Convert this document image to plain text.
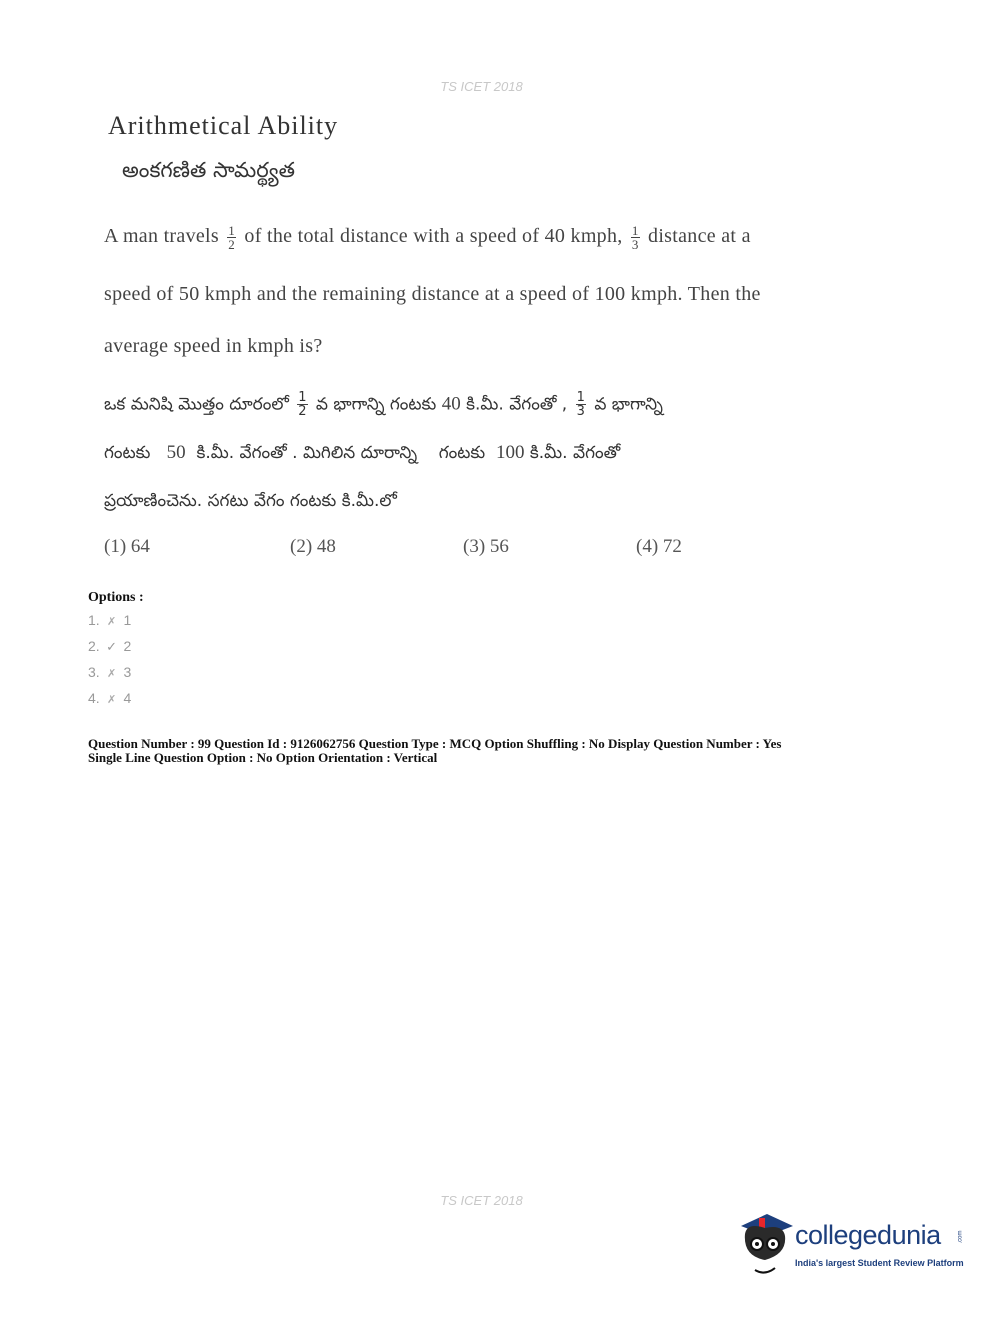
TS ICET 2018
Arithmetical Ability
అంకగణిత సామర్థ్యత
A man travels $\frac{1}{2}$ of the total distance with a speed of 40 kmph, $\frac{1}{3}$ distance at a
speed of 50 kmph and the remaining distance at a speed of 100 kmph. Then the
average speed in kmph is?
ఒక మనిషి మొత్తం దూరంలో $\frac{1}{2}$ వ భాగాన్ని గంటకు 40 కి.మీ. వేగంతో , $\frac{1}{3}$ వ భాగాన్ని
గంటకు 50 కి.మీ. వేగంతో . మిగిలిన దూరాన్ని గంటకు 100 కి.మీ. వేగంతో
ప్రయాణించెను. సగటు వేగం గంటకు కి.మీ.లో
(1) 64	(2) 48	(3) 56	(4) 72
Options :
1. ✗ 1
2. ✓ 2
3. ✗ 3
4. ✗ 4
Question Number : 99 Question Id : 9126062756 Question Type : MCQ Option Shuffling : No Display Question Number : Yes
Single Line Question Option : No Option Orientation : Vertical
TS ICET 2018
collegedunia	.com
India's largest Student Review Platform
